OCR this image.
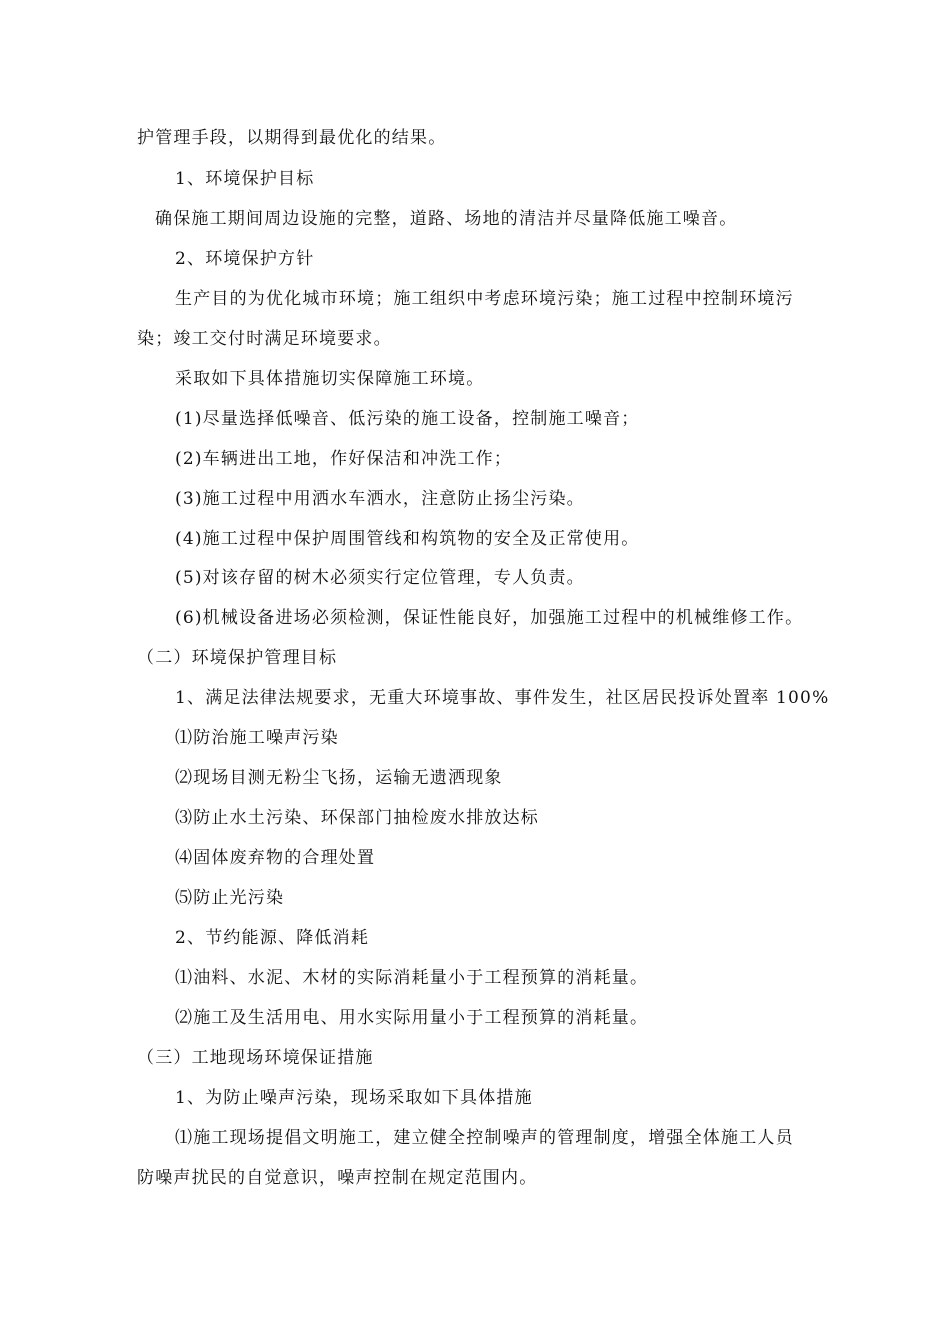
护管理手段，以期得到最优化的结果。
1、环境保护目标
确保施工期间周边设施的完整，道路、场地的清洁并尽量降低施工噪音。
2、环境保护方针
生产目的为优化城市环境；施工组织中考虑环境污染；施工过程中控制环境污
染；竣工交付时满足环境要求。
采取如下具体措施切实保障施工环境。
(1)尽量选择低噪音、低污染的施工设备，控制施工噪音；
(2)车辆进出工地，作好保洁和冲洗工作；
(3)施工过程中用洒水车洒水，注意防止扬尘污染。
(4)施工过程中保护周围管线和构筑物的安全及正常使用。
(5)对该存留的树木必须实行定位管理，专人负责。
(6)机械设备进场必须检测，保证性能良好，加强施工过程中的机械维修工作。
（二）环境保护管理目标
1、满足法律法规要求，无重大环境事故、事件发生，社区居民投诉处置率 100%
⑴防治施工噪声污染
⑵现场目测无粉尘飞扬，运输无遗洒现象
⑶防止水土污染、环保部门抽检废水排放达标
⑷固体废弃物的合理处置
⑸防止光污染
2、节约能源、降低消耗
⑴油料、水泥、木材的实际消耗量小于工程预算的消耗量。
⑵施工及生活用电、用水实际用量小于工程预算的消耗量。
（三）工地现场环境保证措施
1、为防止噪声污染，现场采取如下具体措施
⑴施工现场提倡文明施工，建立健全控制噪声的管理制度，增强全体施工人员
防噪声扰民的自觉意识，噪声控制在规定范围内。
